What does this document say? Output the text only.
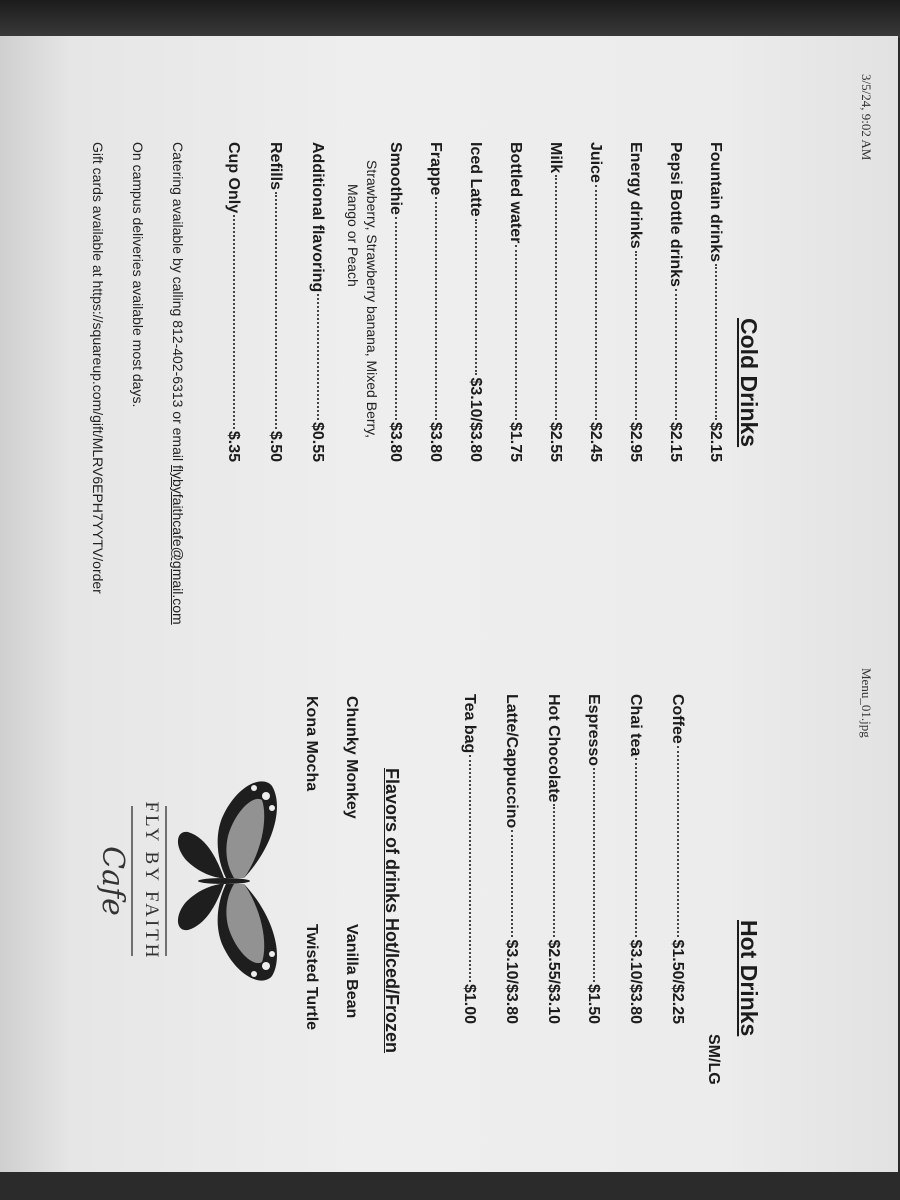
3/5/24, 9:02 AM
Menu_01.jpg
Cold Drinks
Fountain drinks
$2.15
Pepsi Bottle drinks
$2.15
Energy drinks
$2.95
Juice
$2.45
Milk
$2.55
Bottled water
$1.75
Iced Latte
$3.10/$3.80
Frappe
$3.80
Smoothie
$3.80
Strawberry, Strawberry banana, Mixed Berry,
Mango or Peach
Additional flavoring
$0.55
Refills
$.50
Cup Only
$.35
Catering available by calling 812-402-6313 or email flybyfaithcafe@gmail.com
On campus deliveries available most days.
Gift cards available at https://squareup.com/gift/MLRV6EPH7YYTV/order
Hot Drinks
SM/LG
Coffee
$1.50/$2.25
Chai tea
$3.10/$3.80
Espresso
$1.50
Hot Chocolate
$2.55/$3.10
Latte/Cappuccino
$3.10/$3.80
Tea bag
$1.00
Flavors of drinks Hot/Iced/Frozen
Chunky Monkey
Vanilla Bean
Kona Mocha
Twisted Turtle
FLY BY FAITH
Cafe
